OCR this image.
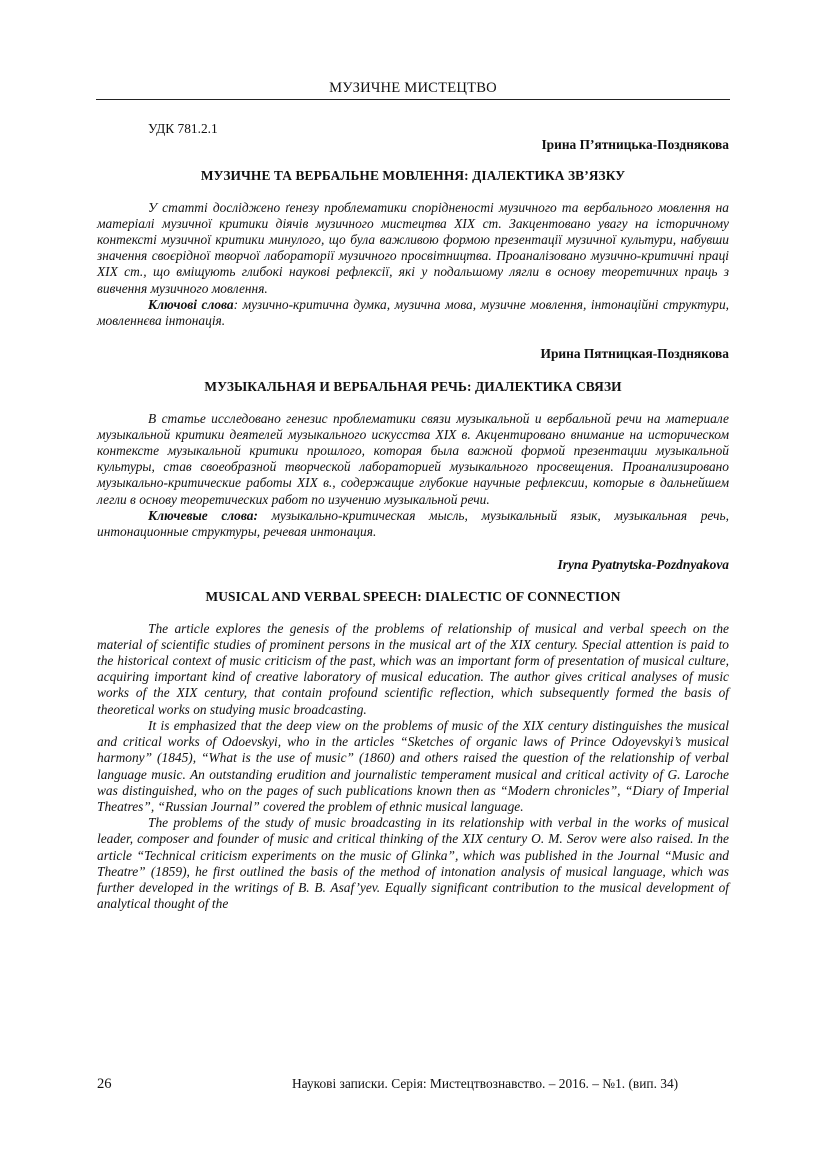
МУЗИЧНЕ МИСТЕЦТВО

УДК 781.2.1

Ірина П’ятницька-Позднякова

МУЗИЧНЕ ТА ВЕРБАЛЬНЕ МОВЛЕННЯ: ДІАЛЕКТИКА ЗВ’ЯЗКУ

У статті досліджено ґенезу проблематики спорідненості музичного та вербального мовлення на матеріалі музичної критики діячів музичного мистецтва ХІХ ст. Закцентовано увагу на історичному контексті музичної критики минулого, що була важливою формою презентації музичної культури, набувши значення своєрідної творчої лабораторії музичного просвітництва. Проаналізовано музично-критичні праці ХІХ ст., що вміщують глибокі наукові рефлексії, які у подальшому лягли в основу теоретичних праць з вивчення музичного мовлення.

Ключові слова: музично-критична думка, музична мова, музичне мовлення, інтонаційні структури, мовленнєва інтонація.

Ирина Пятницкая-Позднякова

МУЗЫКАЛЬНАЯ И ВЕРБАЛЬНАЯ РЕЧЬ: ДИАЛЕКТИКА СВЯЗИ

В статье исследовано генезис проблематики связи музыкальной и вербальной речи на материале музыкальной критики деятелей музыкального искусства ХІХ в. Акцентировано внимание на историческом контексте музыкальной критики прошлого, которая была важной формой презентации музыкальной культуры, став своеобразной творческой лабораторией музыкального просвещения. Проанализировано музыкально-критические работы ХІХ в., содержащие глубокие научные рефлексии, которые в дальнейшем легли в основу теоретических работ по изучению музыкальной речи.

Ключевые слова: музыкально-критическая мысль, музыкальный язык, музыкальная речь, интонационные структуры, речевая интонация.

Iryna Pyatnytska-Pozdnyakova

MUSICAL AND VERBAL SPEECH: DIALECTIC OF CONNECTION

The article explores the genesis of the problems of relationship of musical and verbal speech on the material of scientific studies of prominent persons in the musical art of the XIX century. Special attention is paid to the historical context of music criticism of the past, which was an important form of presentation of musical culture, acquiring important kind of creative laboratory of musical education. The author gives critical analyses of music works of the XIX century, that contain profound scientific reflection, which subsequently formed the basis of theoretical works on studying music broadcasting.

It is emphasized that the deep view on the problems of music of the XIX century distinguishes the musical and critical works of Odoevskyi, who in the articles “Sketches of organic laws of Prince Odoyevskyi’s musical harmony” (1845), “What is the use of music” (1860) and others raised the question of the relationship of verbal language music. An outstanding erudition and journalistic temperament musical and critical activity of G. Laroche was distinguished, who on the pages of such publications known then as “Modern chronicles”, “Diary of Imperial Theatres”, “Russian Journal” covered the problem of ethnic musical language.

The problems of the study of music broadcasting in its relationship with verbal in the works of musical leader, composer and founder of music and critical thinking of the XIX century O. M. Serov were also raised. In the article “Technical criticism experiments on the music of Glinka”, which was published in the Journal “Music and Theatre” (1859), he first outlined the basis of the method of intonation analysis of musical language, which was further developed in the writings of B. B. Asaf’yev. Equally significant contribution to the musical development of analytical thought of the

26	Наукові записки. Серія: Мистецтвознавство. – 2016. – №1. (вип. 34)
